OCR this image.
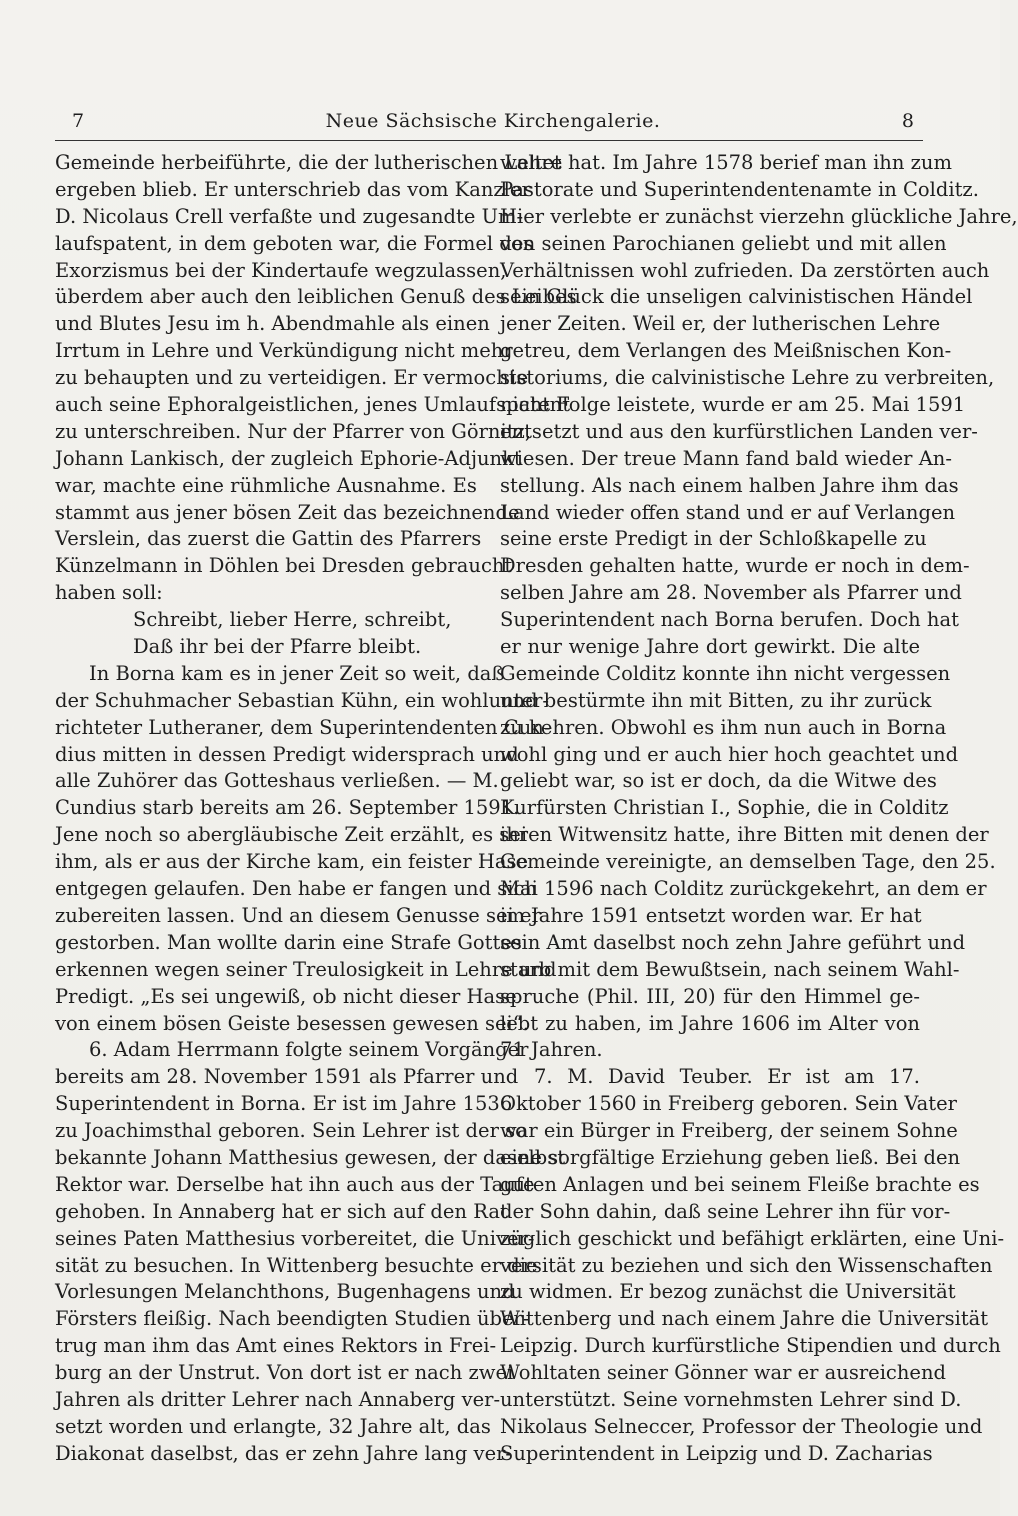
7	Neue Sächsische Kirchengalerie.	8
Gemeinde herbeiführte, die der lutherischen Lehre
ergeben blieb. Er unterschrieb das vom Kanzler
D. Nicolaus Crell verfaßte und zugesandte Um-
laufspatent, in dem geboten war, die Formel des
Exorzismus bei der Kindertaufe wegzulassen,
überdem aber auch den leiblichen Genuß des Leibes
und Blutes Jesu im h. Abendmahle als einen
Irrtum in Lehre und Verkündigung nicht mehr
zu behaupten und zu verteidigen. Er vermochte
auch seine Ephoralgeistlichen, jenes Umlaufspatent
zu unterschreiben. Nur der Pfarrer von Görnitz,
Johann Lankisch, der zugleich Ephorie-Adjunkt
war, machte eine rühmliche Ausnahme. Es
stammt aus jener bösen Zeit das bezeichnende
Verslein, das zuerst die Gattin des Pfarrers
Künzelmann in Döhlen bei Dresden gebraucht
haben soll:
Schreibt, lieber Herre, schreibt,
Daß ihr bei der Pfarre bleibt.
In Borna kam es in jener Zeit so weit, daß
der Schuhmacher Sebastian Kühn, ein wohlunter-
richteter Lutheraner, dem Superintendenten Cun-
dius mitten in dessen Predigt widersprach und
alle Zuhörer das Gotteshaus verließen. — M.
Cundius starb bereits am 26. September 1591.
Jene noch so abergläubische Zeit erzählt, es sei
ihm, als er aus der Kirche kam, ein feister Hase
entgegen gelaufen. Den habe er fangen und sich
zubereiten lassen. Und an diesem Genusse sei er
gestorben. Man wollte darin eine Strafe Gottes
erkennen wegen seiner Treulosigkeit in Lehre und
Predigt. „Es sei ungewiß, ob nicht dieser Hase
von einem bösen Geiste besessen gewesen sei“.
6. Adam Herrmann folgte seinem Vorgänger
bereits am 28. November 1591 als Pfarrer und
Superintendent in Borna. Er ist im Jahre 1536
zu Joachimsthal geboren. Sein Lehrer ist der so
bekannte Johann Matthesius gewesen, der daselbst
Rektor war. Derselbe hat ihn auch aus der Taufe
gehoben. In Annaberg hat er sich auf den Rat
seines Paten Matthesius vorbereitet, die Univer-
sität zu besuchen. In Wittenberg besuchte er die
Vorlesungen Melanchthons, Bugenhagens und
Försters fleißig. Nach beendigten Studien über-
trug man ihm das Amt eines Rektors in Frei-
burg an der Unstrut. Von dort ist er nach zwei
Jahren als dritter Lehrer nach Annaberg ver-
setzt worden und erlangte, 32 Jahre alt, das
Diakonat daselbst, das er zehn Jahre lang ver-
waltet hat. Im Jahre 1578 berief man ihn zum
Pastorate und Superintendentenamte in Colditz.
Hier verlebte er zunächst vierzehn glückliche Jahre,
von seinen Parochianen geliebt und mit allen
Verhältnissen wohl zufrieden. Da zerstörten auch
sein Glück die unseligen calvinistischen Händel
jener Zeiten. Weil er, der lutherischen Lehre
getreu, dem Verlangen des Meißnischen Kon-
sistoriums, die calvinistische Lehre zu verbreiten,
nicht Folge leistete, wurde er am 25. Mai 1591
entsetzt und aus den kurfürstlichen Landen ver-
wiesen. Der treue Mann fand bald wieder An-
stellung. Als nach einem halben Jahre ihm das
Land wieder offen stand und er auf Verlangen
seine erste Predigt in der Schloßkapelle zu
Dresden gehalten hatte, wurde er noch in dem-
selben Jahre am 28. November als Pfarrer und
Superintendent nach Borna berufen. Doch hat
er nur wenige Jahre dort gewirkt. Die alte
Gemeinde Colditz konnte ihn nicht vergessen
und bestürmte ihn mit Bitten, zu ihr zurück
zu kehren. Obwohl es ihm nun auch in Borna
wohl ging und er auch hier hoch geachtet und
geliebt war, so ist er doch, da die Witwe des
Kurfürsten Christian I., Sophie, die in Colditz
ihren Witwensitz hatte, ihre Bitten mit denen der
Gemeinde vereinigte, an demselben Tage, den 25.
Mai 1596 nach Colditz zurückgekehrt, an dem er
im Jahre 1591 entsetzt worden war. Er hat
sein Amt daselbst noch zehn Jahre geführt und
starb mit dem Bewußtsein, nach seinem Wahl-
spruche (Phil. III, 20) für den Himmel ge-
lebt zu haben, im Jahre 1606 im Alter von
71 Jahren.
7. M. David Teuber. Er ist am 17.
Oktober 1560 in Freiberg geboren. Sein Vater
war ein Bürger in Freiberg, der seinem Sohne
eine sorgfältige Erziehung geben ließ. Bei den
guten Anlagen und bei seinem Fleiße brachte es
der Sohn dahin, daß seine Lehrer ihn für vor-
züglich geschickt und befähigt erklärten, eine Uni-
versität zu beziehen und sich den Wissenschaften
zu widmen. Er bezog zunächst die Universität
Wittenberg und nach einem Jahre die Universität
Leipzig. Durch kurfürstliche Stipendien und durch
Wohltaten seiner Gönner war er ausreichend
unterstützt. Seine vornehmsten Lehrer sind D.
Nikolaus Selneccer, Professor der Theologie und
Superintendent in Leipzig und D. Zacharias
